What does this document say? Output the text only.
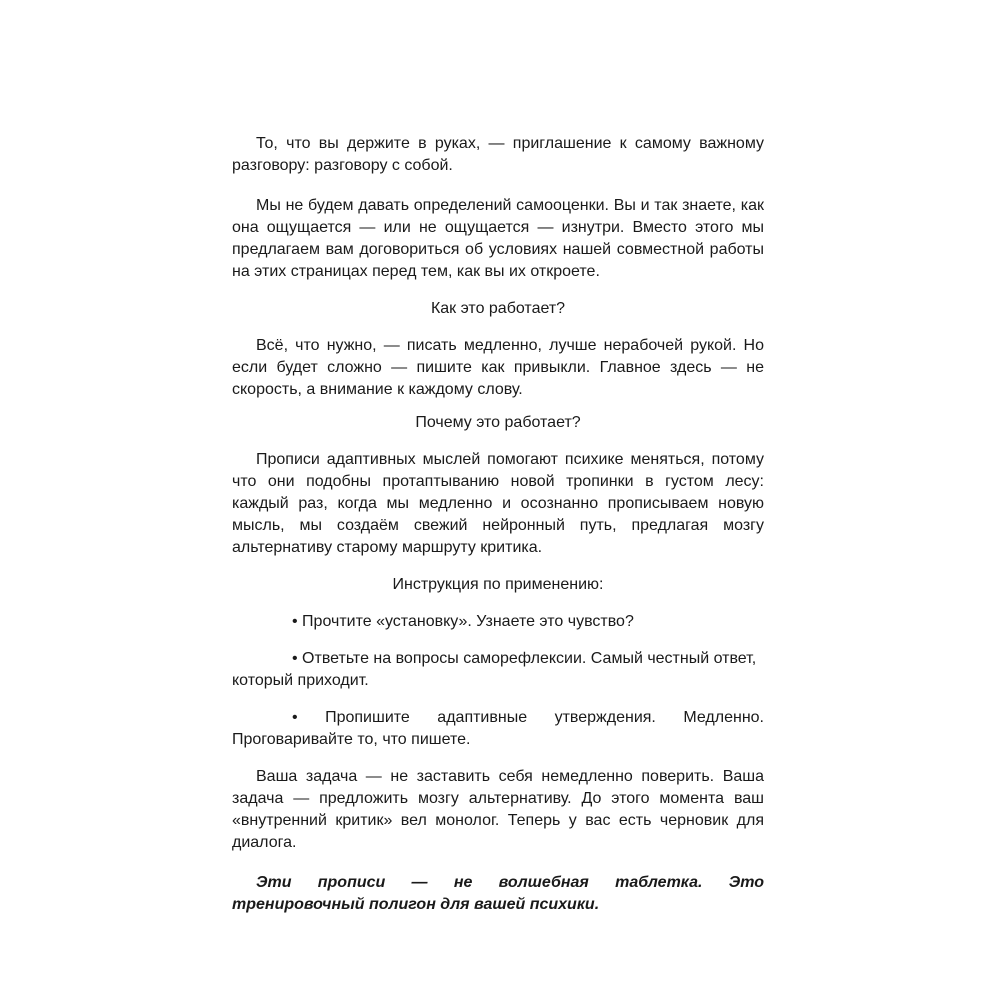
То, что вы держите в руках, — приглашение к самому важному разговору: разговору с собой.

Мы не будем давать определений самооценки. Вы и так знаете, как она ощущается — или не ощущается — изнутри. Вместо этого мы предлагаем вам договориться об условиях нашей совместной работы на этих страницах перед тем, как вы их откроете.

Как это работает?

Всё, что нужно, — писать медленно, лучше нерабочей рукой. Но если будет сложно — пишите как привыкли. Главное здесь — не скорость, а внимание к каждому слову.

Почему это работает?

Прописи адаптивных мыслей помогают психике меняться, потому что они подобны протаптыванию новой тропинки в густом лесу: каждый раз, когда мы медленно и осознанно прописываем новую мысль, мы создаём свежий нейронный путь, предлагая мозгу альтернативу старому маршруту критика.

Инструкция по применению:

• Прочтите «установку». Узнаете это чувство?

• Ответьте на вопросы саморефлексии. Самый честный ответ, который приходит.

• Пропишите адаптивные утверждения. Медленно. Проговаривайте то, что пишете.

Ваша задача — не заставить себя немедленно поверить. Ваша задача — предложить мозгу альтернативу. До этого момента ваш «внутренний критик» вел монолог. Теперь у вас есть черновик для диалога.

Эти прописи — не волшебная таблетка. Это тренировочный полигон для вашей психики.
